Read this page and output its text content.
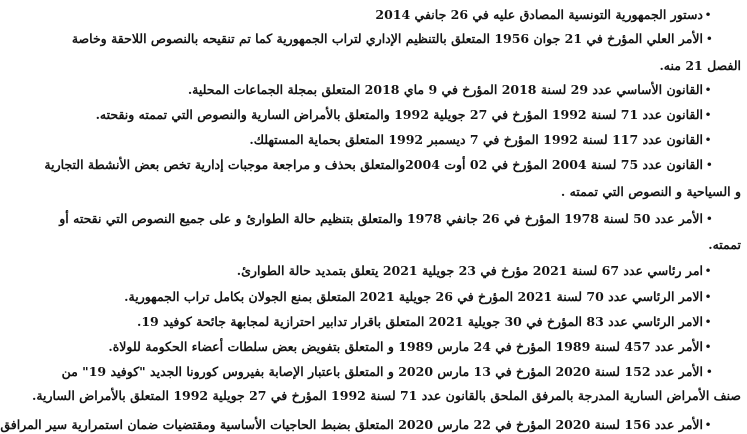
•دستور الجمهورية التونسية المصادق عليه في 26 جانفي 2014
•الأمر العلي المؤرخ في 21 جوان 1956 المتعلق بالتنظيم الإداري لتراب الجمهورية كما تم تنقيحه بالنصوص اللاحقة وخاصة
الفصل 21 منه.
•القانون الأساسي عدد 29 لسنة 2018 المؤرخ في 9 ماي 2018 المتعلق بمجلة الجماعات المحلية.
•القانون عدد 71 لسنة 1992 المؤرخ في 27 جويلية 1992 والمتعلق بالأمراض السارية والنصوص التي تممته ونقحته.
•القانون عدد 117 لسنة 1992 المؤرخ في 7 ديسمبر 1992 المتعلق بحماية المستهلك.
•القانون عدد 75 لسنة 2004 المؤرخ في 02 أوت 2004والمتعلق بحذف و مراجعة موجبات إدارية تخص بعض الأنشطة التجارية
و السياحية و النصوص التي تممته .
•الأمر عدد 50 لسنة 1978 المؤرخ في 26 جانفي 1978 والمتعلق بتنظيم حالة الطوارئ و على جميع النصوص التي نقحته أو
تممته.
•امر رئاسي عدد 67 لسنة 2021 مؤرخ في 23 جويلية 2021 يتعلق بتمديد حالة الطوارئ.
•الامر الرئاسي عدد 70 لسنة 2021 المؤرخ في 26 جويلية 2021 المتعلق بمنع الجولان بكامل تراب الجمهورية.
•الامر الرئاسي عدد 83 المؤرخ في 30 جويلية 2021 المتعلق باقرار تدابير احترازية لمجابهة جائحة كوفيد 19.
•الأمر عدد 457 لسنة 1989 المؤرخ في 24 مارس 1989 و المتعلق بتفويض بعض سلطات أعضاء الحكومة للولاة.
•الأمر عدد 152 لسنة 2020 المؤرخ في 13 مارس 2020 و المتعلق باعتبار الإصابة بفيروس كورونا الجديد "كوفيد 19" من
صنف الأمراض السارية المدرجة بالمرفق الملحق بالقانون عدد 71 لسنة 1992 المؤرخ في 27 جويلية 1992 المتعلق بالأمراض السارية.
•الأمر عدد 156 لسنة 2020 المؤرخ في 22 مارس 2020 المتعلق بضبط الحاجيات الأساسية ومقتضيات ضمان استمرارية سير المرافق
